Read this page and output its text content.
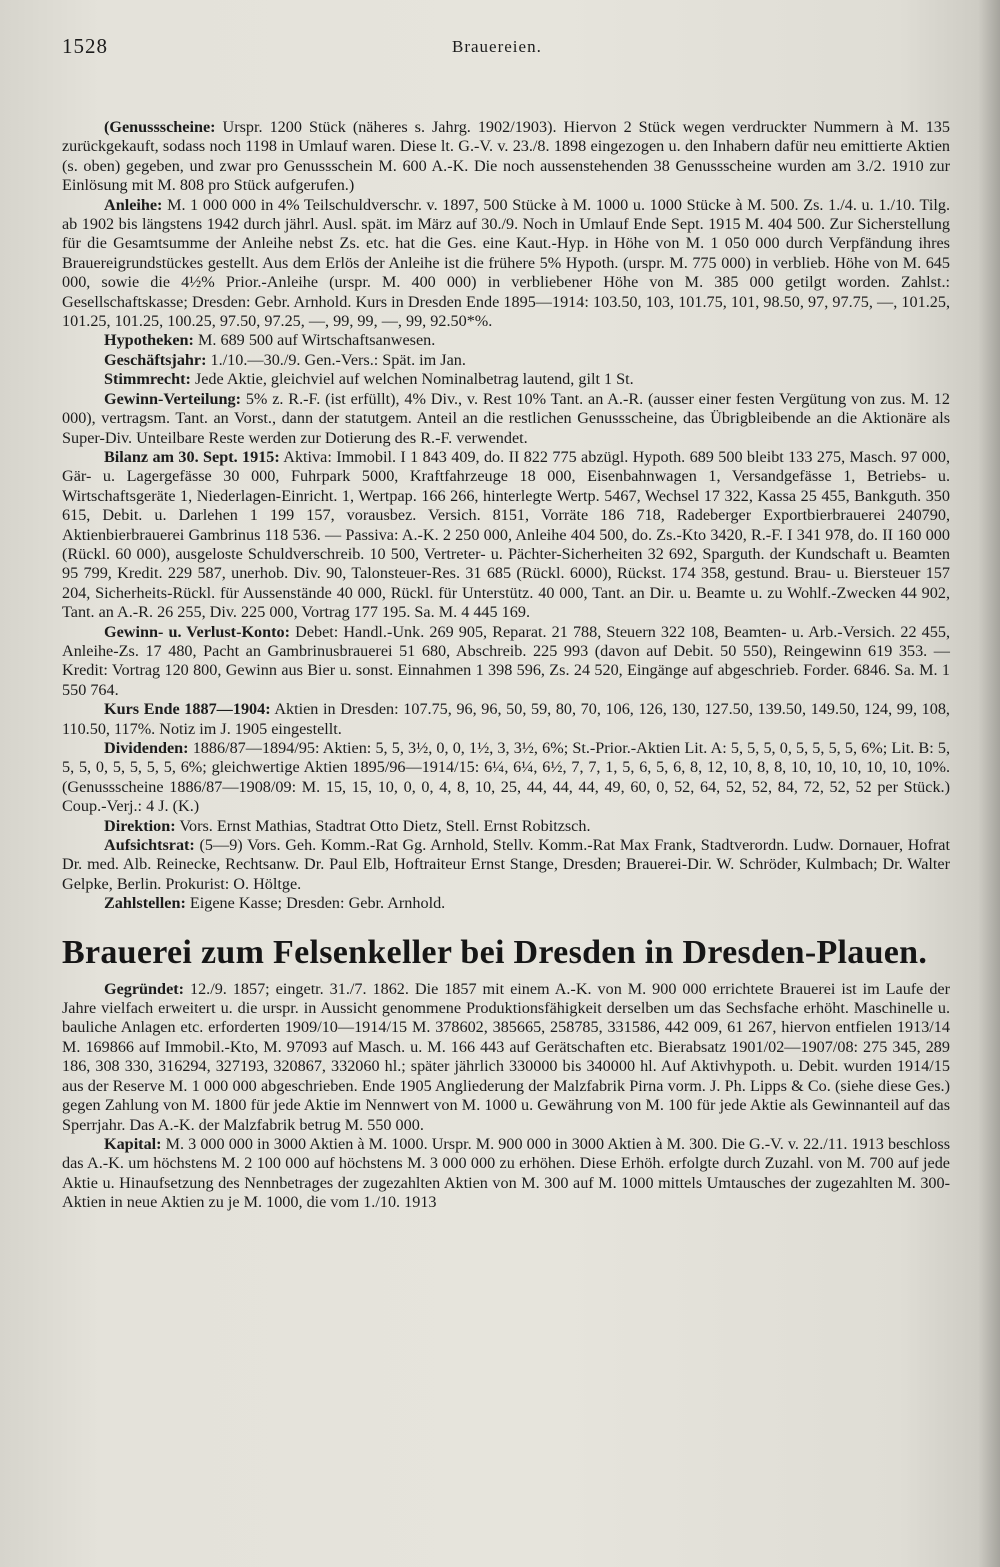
1528	Brauereien.

(Genussscheine: Urspr. 1200 Stück (näheres s. Jahrg. 1902/1903). Hiervon 2 Stück wegen verdruckter Nummern à M. 135 zurückgekauft, sodass noch 1198 in Umlauf waren. Diese lt. G.-V. v. 23./8. 1898 eingezogen u. den Inhabern dafür neu emittierte Aktien (s. oben) gegeben, und zwar pro Genussschein M. 600 A.-K. Die noch aussenstehenden 38 Genussscheine wurden am 3./2. 1910 zur Einlösung mit M. 808 pro Stück aufgerufen.)

Anleihe: M. 1 000 000 in 4% Teilschuldverschr. v. 1897, 500 Stücke à M. 1000 u. 1000 Stücke à M. 500. Zs. 1./4. u. 1./10. Tilg. ab 1902 bis längstens 1942 durch jährl. Ausl. spät. im März auf 30./9. Noch in Umlauf Ende Sept. 1915 M. 404 500. Zur Sicherstellung für die Gesamtsumme der Anleihe nebst Zs. etc. hat die Ges. eine Kaut.-Hyp. in Höhe von M. 1 050 000 durch Verpfändung ihres Brauereigrundstückes gestellt. Aus dem Erlös der Anleihe ist die frühere 5% Hypoth. (urspr. M. 775 000) in verblieb. Höhe von M. 645 000, sowie die 4½% Prior.-Anleihe (urspr. M. 400 000) in verbliebener Höhe von M. 385 000 getilgt worden. Zahlst.: Gesellschaftskasse; Dresden: Gebr. Arnhold. Kurs in Dresden Ende 1895—1914: 103.50, 103, 101.75, 101, 98.50, 97, 97.75, —, 101.25, 101.25, 101.25, 100.25, 97.50, 97.25, —, 99, 99, —, 99, 92.50*%.

Hypotheken: M. 689 500 auf Wirtschaftsanwesen.

Geschäftsjahr: 1./10.—30./9. Gen.-Vers.: Spät. im Jan.

Stimmrecht: Jede Aktie, gleichviel auf welchen Nominalbetrag lautend, gilt 1 St.

Gewinn-Verteilung: 5% z. R.-F. (ist erfüllt), 4% Div., v. Rest 10% Tant. an A.-R. (ausser einer festen Vergütung von zus. M. 12 000), vertragsm. Tant. an Vorst., dann der statutgem. Anteil an die restlichen Genussscheine, das Übrigbleibende an die Aktionäre als Super-Div. Unteilbare Reste werden zur Dotierung des R.-F. verwendet.

Bilanz am 30. Sept. 1915: Aktiva: Immobil. I 1 843 409, do. II 822 775 abzügl. Hypoth. 689 500 bleibt 133 275, Masch. 97 000, Gär- u. Lagergefässe 30 000, Fuhrpark 5000, Kraftfahrzeuge 18 000, Eisenbahnwagen 1, Versandgefässe 1, Betriebs- u. Wirtschaftsgeräte 1, Niederlagen-Einricht. 1, Wertpap. 166 266, hinterlegte Wertp. 5467, Wechsel 17 322, Kassa 25 455, Bankguth. 350 615, Debit. u. Darlehen 1 199 157, vorausbez. Versich. 8151, Vorräte 186 718, Radeberger Exportbierbrauerei 240790, Aktienbierbrauerei Gambrinus 118 536. — Passiva: A.-K. 2 250 000, Anleihe 404 500, do. Zs.-Kto 3420, R.-F. I 341 978, do. II 160 000 (Rückl. 60 000), ausgeloste Schuldverschreib. 10 500, Vertreter- u. Pächter-Sicherheiten 32 692, Sparguth. der Kundschaft u. Beamten 95 799, Kredit. 229 587, unerhob. Div. 90, Talonsteuer-Res. 31 685 (Rückl. 6000), Rückst. 174 358, gestund. Brau- u. Biersteuer 157 204, Sicherheits-Rückl. für Aussenstände 40 000, Rückl. für Unterstütz. 40 000, Tant. an Dir. u. Beamte u. zu Wohlf.-Zwecken 44 902, Tant. an A.-R. 26 255, Div. 225 000, Vortrag 177 195. Sa. M. 4 445 169.

Gewinn- u. Verlust-Konto: Debet: Handl.-Unk. 269 905, Reparat. 21 788, Steuern 322 108, Beamten- u. Arb.-Versich. 22 455, Anleihe-Zs. 17 480, Pacht an Gambrinusbrauerei 51 680, Abschreib. 225 993 (davon auf Debit. 50 550), Reingewinn 619 353. — Kredit: Vortrag 120 800, Gewinn aus Bier u. sonst. Einnahmen 1 398 596, Zs. 24 520, Eingänge auf abgeschrieb. Forder. 6846. Sa. M. 1 550 764.

Kurs Ende 1887—1904: Aktien in Dresden: 107.75, 96, 96, 50, 59, 80, 70, 106, 126, 130, 127.50, 139.50, 149.50, 124, 99, 108, 110.50, 117%. Notiz im J. 1905 eingestellt.

Dividenden: 1886/87—1894/95: Aktien: 5, 5, 3½, 0, 0, 1½, 3, 3½, 6%; St.-Prior.-Aktien Lit. A: 5, 5, 5, 0, 5, 5, 5, 5, 6%; Lit. B: 5, 5, 5, 0, 5, 5, 5, 5, 6%; gleichwertige Aktien 1895/96—1914/15: 6¼, 6¼, 6½, 7, 7, 1, 5, 6, 5, 6, 8, 12, 10, 8, 8, 10, 10, 10, 10, 10, 10%. (Genussscheine 1886/87—1908/09: M. 15, 15, 10, 0, 0, 4, 8, 10, 25, 44, 44, 44, 49, 60, 0, 52, 64, 52, 52, 84, 72, 52, 52 per Stück.) Coup.-Verj.: 4 J. (K.)

Direktion: Vors. Ernst Mathias, Stadtrat Otto Dietz, Stell. Ernst Robitzsch.

Aufsichtsrat: (5—9) Vors. Geh. Komm.-Rat Gg. Arnhold, Stellv. Komm.-Rat Max Frank, Stadtverordn. Ludw. Dornauer, Hofrat Dr. med. Alb. Reinecke, Rechtsanw. Dr. Paul Elb, Hoftraiteur Ernst Stange, Dresden; Brauerei-Dir. W. Schröder, Kulmbach; Dr. Walter Gelpke, Berlin. Prokurist: O. Höltge.

Zahlstellen: Eigene Kasse; Dresden: Gebr. Arnhold.

Brauerei zum Felsenkeller bei Dresden in Dresden-Plauen.

Gegründet: 12./9. 1857; eingetr. 31./7. 1862. Die 1857 mit einem A.-K. von M. 900 000 errichtete Brauerei ist im Laufe der Jahre vielfach erweitert u. die urspr. in Aussicht genommene Produktionsfähigkeit derselben um das Sechsfache erhöht. Maschinelle u. bauliche Anlagen etc. erforderten 1909/10—1914/15 M. 378602, 385665, 258785, 331586, 442 009, 61 267, hiervon entfielen 1913/14 M. 169866 auf Immobil.-Kto, M. 97093 auf Masch. u. M. 166 443 auf Gerätschaften etc. Bierabsatz 1901/02—1907/08: 275 345, 289 186, 308 330, 316294, 327193, 320867, 332060 hl.; später jährlich 330000 bis 340000 hl. Auf Aktivhypoth. u. Debit. wurden 1914/15 aus der Reserve M. 1 000 000 abgeschrieben. Ende 1905 Angliederung der Malzfabrik Pirna vorm. J. Ph. Lipps & Co. (siehe diese Ges.) gegen Zahlung von M. 1800 für jede Aktie im Nennwert von M. 1000 u. Gewährung von M. 100 für jede Aktie als Gewinnanteil auf das Sperrjahr. Das A.-K. der Malzfabrik betrug M. 550 000.

Kapital: M. 3 000 000 in 3000 Aktien à M. 1000. Urspr. M. 900 000 in 3000 Aktien à M. 300. Die G.-V. v. 22./11. 1913 beschloss das A.-K. um höchstens M. 2 100 000 auf höchstens M. 3 000 000 zu erhöhen. Diese Erhöh. erfolgte durch Zuzahl. von M. 700 auf jede Aktie u. Hinaufsetzung des Nennbetrages der zugezahlten Aktien von M. 300 auf M. 1000 mittels Umtausches der zugezahlten M. 300-Aktien in neue Aktien zu je M. 1000, die vom 1./10. 1913
